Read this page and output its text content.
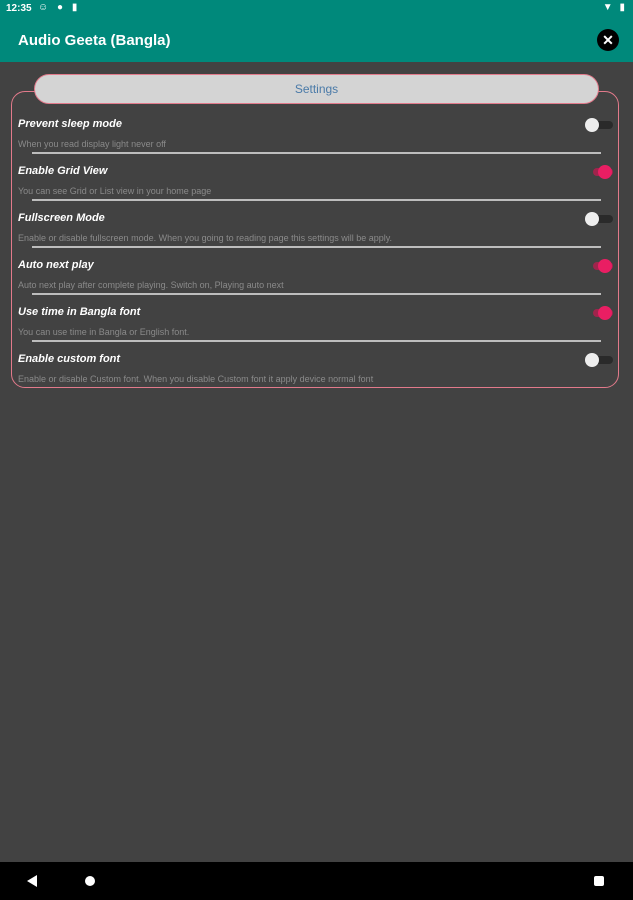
12:35 ☺ ● ▮	▼ ▮
Audio Geeta (Bangla)	✕
Settings
Prevent sleep mode
When you read display light never off
Enable Grid View
You can see Grid or List view in your home page
Fullscreen Mode
Enable or disable fullscreen mode. When you going to reading page this settings will be apply.
Auto next play
Auto next play after complete playing. Switch on, Playing auto next
Use time in Bangla font
You can use time in Bangla or English font.
Enable custom font
Enable or disable Custom font. When you disable Custom font it apply device normal font
